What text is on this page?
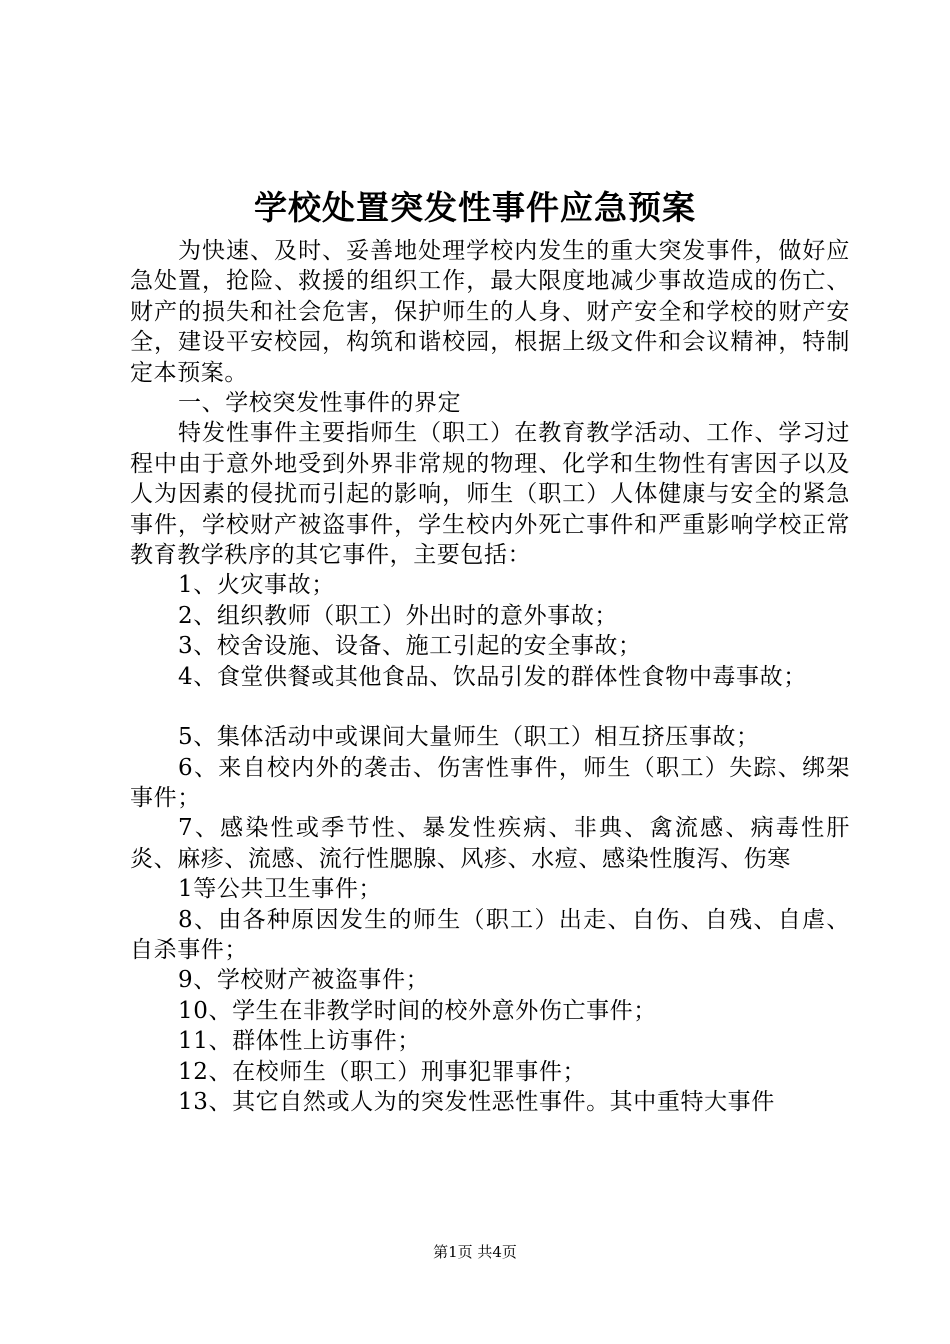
学校处置突发性事件应急预案

为快速、及时、妥善地处理学校内发生的重大突发事件，做好应急处置，抢险、救援的组织工作，最大限度地减少事故造成的伤亡、财产的损失和社会危害，保护师生的人身、财产安全和学校的财产安全，建设平安校园，构筑和谐校园，根据上级文件和会议精神，特制定本预案。

一、学校突发性事件的界定

特发性事件主要指师生（职工）在教育教学活动、工作、学习过程中由于意外地受到外界非常规的物理、化学和生物性有害因子以及人为因素的侵扰而引起的影响，师生（职工）人体健康与安全的紧急事件，学校财产被盗事件，学生校内外死亡事件和严重影响学校正常教育教学秩序的其它事件，主要包括：

1、火灾事故；

2、组织教师（职工）外出时的意外事故；

3、校舍设施、设备、施工引起的安全事故；

4、食堂供餐或其他食品、饮品引发的群体性食物中毒事故；

5、集体活动中或课间大量师生（职工）相互挤压事故；

6、来自校内外的袭击、伤害性事件，师生（职工）失踪、绑架事件；

7、感染性或季节性、暴发性疾病、非典、禽流感、病毒性肝炎、麻疹、流感、流行性腮腺、风疹、水痘、感染性腹泻、伤寒

1等公共卫生事件；

8、由各种原因发生的师生（职工）出走、自伤、自残、自虐、自杀事件；

9、学校财产被盗事件；

10、学生在非教学时间的校外意外伤亡事件；

11、群体性上访事件；

12、在校师生（职工）刑事犯罪事件；

13、其它自然或人为的突发性恶性事件。其中重特大事件

第1页 共4页
